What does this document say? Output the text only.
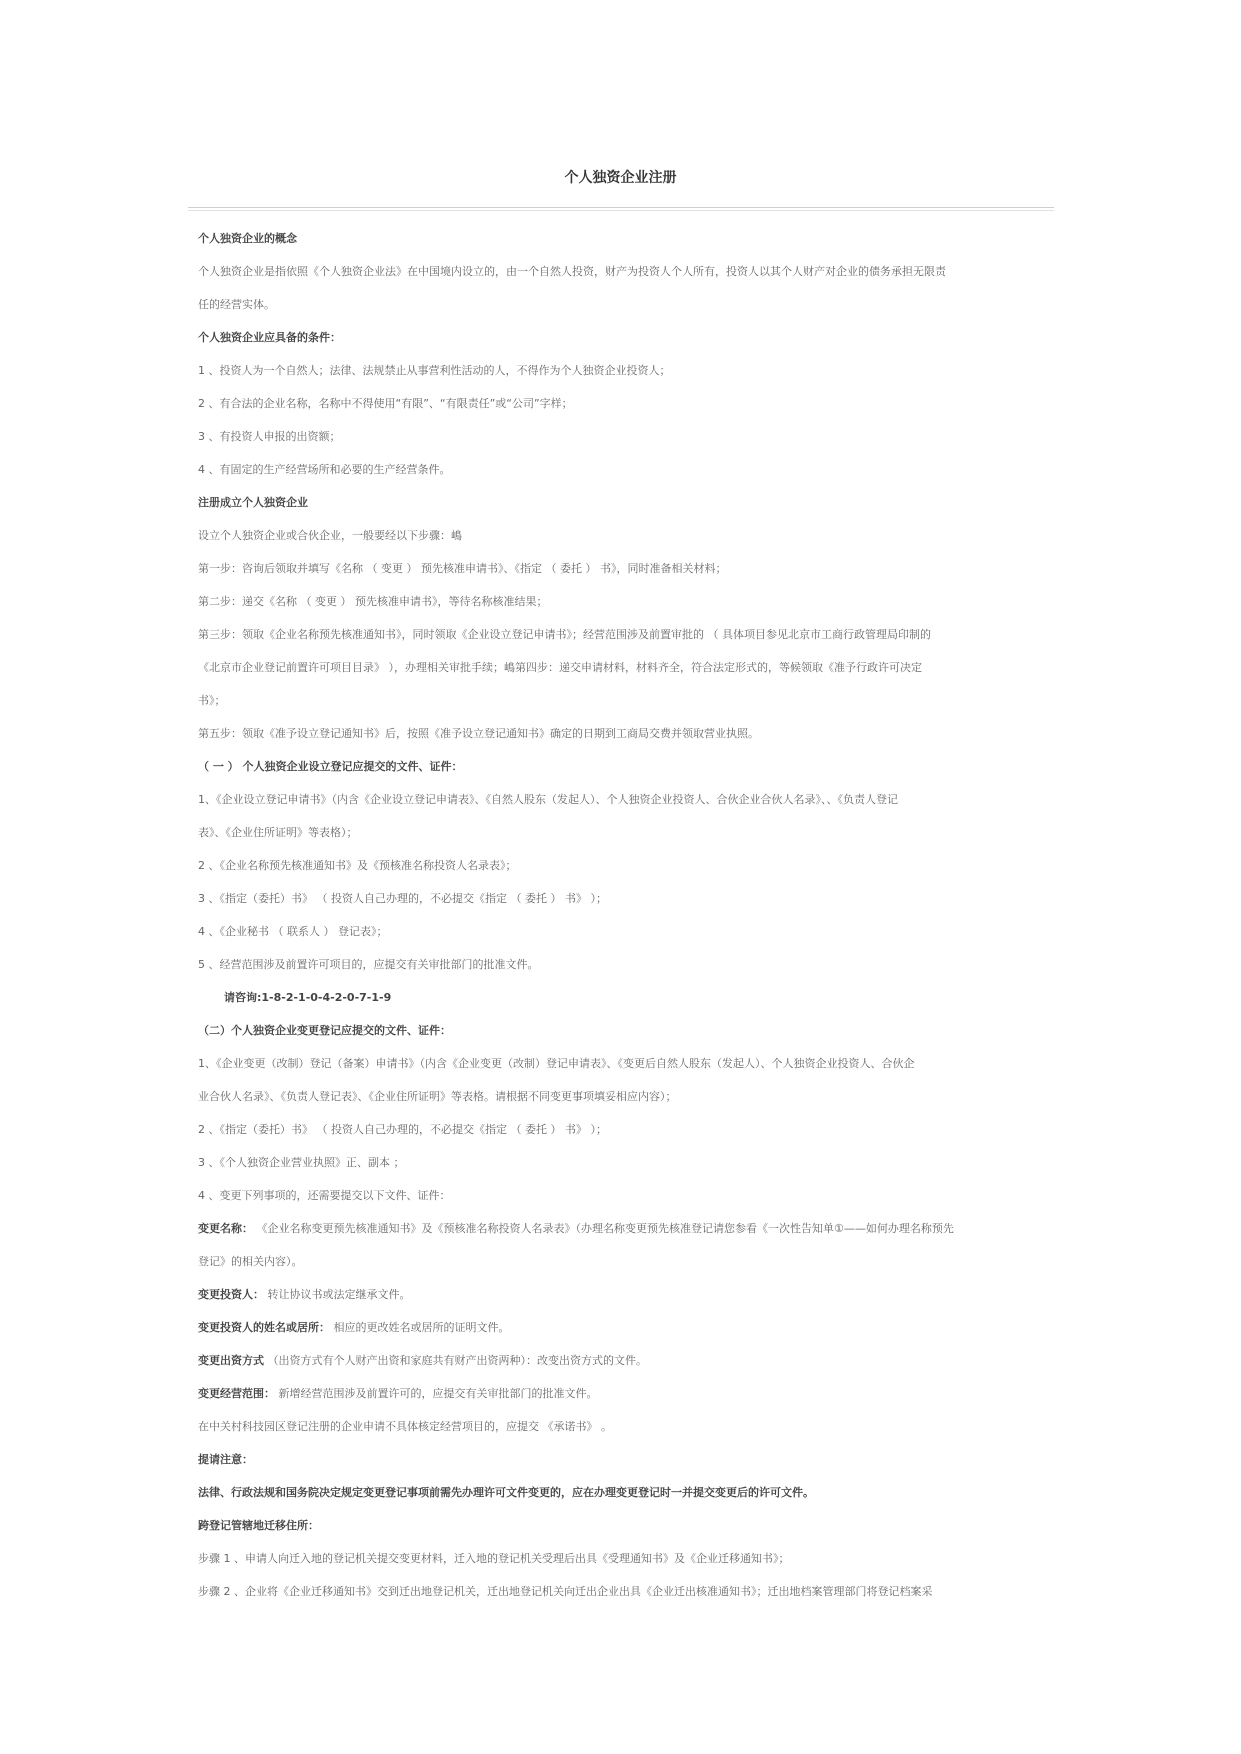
个人独资企业注册
个人独资企业的概念
个人独资企业是指依照《个人独资企业法》在中国境内设立的，由一个自然人投资，财产为投资人个人所有，投资人以其个人财产对企业的债务承担无限责
任的经营实体。
个人独资企业应具备的条件：
1 、投资人为一个自然人；法律、法规禁止从事营利性活动的人，不得作为个人独资企业投资人；
2 、有合法的企业名称，名称中不得使用“有限”、“有限责任”或“公司”字样；
3 、有投资人申报的出资额；
4 、有固定的生产经营场所和必要的生产经营条件。
注册成立个人独资企业
设立个人独资企业或合伙企业，一般要经以下步骤：嶋
第一步：咨询后领取并填写《名称 （ 变更 ） 预先核准申请书》、《指定 （ 委托 ） 书》，同时准备相关材料；
第二步：递交《名称 （ 变更 ） 预先核准申请书》，等待名称核准结果；
第三步：领取《企业名称预先核准通知书》，同时领取《企业设立登记申请书》；经营范围涉及前置审批的 （ 具体项目参见北京市工商行政管理局印制的
《北京市企业登记前置许可项目目录》 ），办理相关审批手续；嶋第四步：递交申请材料，材料齐全，符合法定形式的，等候领取《准予行政许可决定
书》；
第五步：领取《准予设立登记通知书》后，按照《准予设立登记通知书》确定的日期到工商局交费并领取营业执照。
（ 一 ） 个人独资企业设立登记应提交的文件、证件：
1、《企业设立登记申请书》（内含《企业设立登记申请表》、《自然人股东（发起人）、个人独资企业投资人、合伙企业合伙人名录》、、《负责人登记
表》、《企业住所证明》等表格）；
2 、《企业名称预先核准通知书》及《预核准名称投资人名录表》；
3 、《指定（委托）书》 （ 投资人自己办理的，不必提交《指定 （ 委托 ） 书》 ）；
4 、《企业秘书 （ 联系人 ） 登记表》；
5 、经营范围涉及前置许可项目的，应提交有关审批部门的批准文件。
请咨询:1-8-2-1-0-4-2-0-7-1-9
（二）个人独资企业变更登记应提交的文件、证件：
1、《企业变更（改制）登记（备案）申请书》（内含《企业变更（改制）登记申请表》、《变更后自然人股东（发起人）、个人独资企业投资人、合伙企
业合伙人名录》、《负责人登记表》、《企业住所证明》等表格。请根据不同变更事项填妥相应内容）；
2 、《指定（委托）书》 （ 投资人自己办理的，不必提交《指定 （ 委托 ） 书》 ）；
3 、《个人独资企业营业执照》正、副本 ；
4 、变更下列事项的，还需要提交以下文件、证件：
变更名称： 《企业名称变更预先核准通知书》及《预核准名称投资人名录表》（办理名称变更预先核准登记请您参看《一次性告知单①——如何办理名称预先
登记》的相关内容）。
变更投资人： 转让协议书或法定继承文件。
变更投资人的姓名或居所： 相应的更改姓名或居所的证明文件。
变更出资方式 （出资方式有个人财产出资和家庭共有财产出资两种）：改变出资方式的文件。
变更经营范围： 新增经营范围涉及前置许可的，应提交有关审批部门的批准文件。
在中关村科技园区登记注册的企业申请不具体核定经营项目的，应提交 《承诺书》 。
提请注意：
法律、行政法规和国务院决定规定变更登记事项前需先办理许可文件变更的，应在办理变更登记时一并提交变更后的许可文件。
跨登记管辖地迁移住所：
步骤 1 、申请人向迁入地的登记机关提交变更材料，迁入地的登记机关受理后出具《受理通知书》及《企业迁移通知书》；
步骤 2 、企业将《企业迁移通知书》交到迁出地登记机关，迁出地登记机关向迁出企业出具《企业迁出核准通知书》；迁出地档案管理部门将登记档案采
